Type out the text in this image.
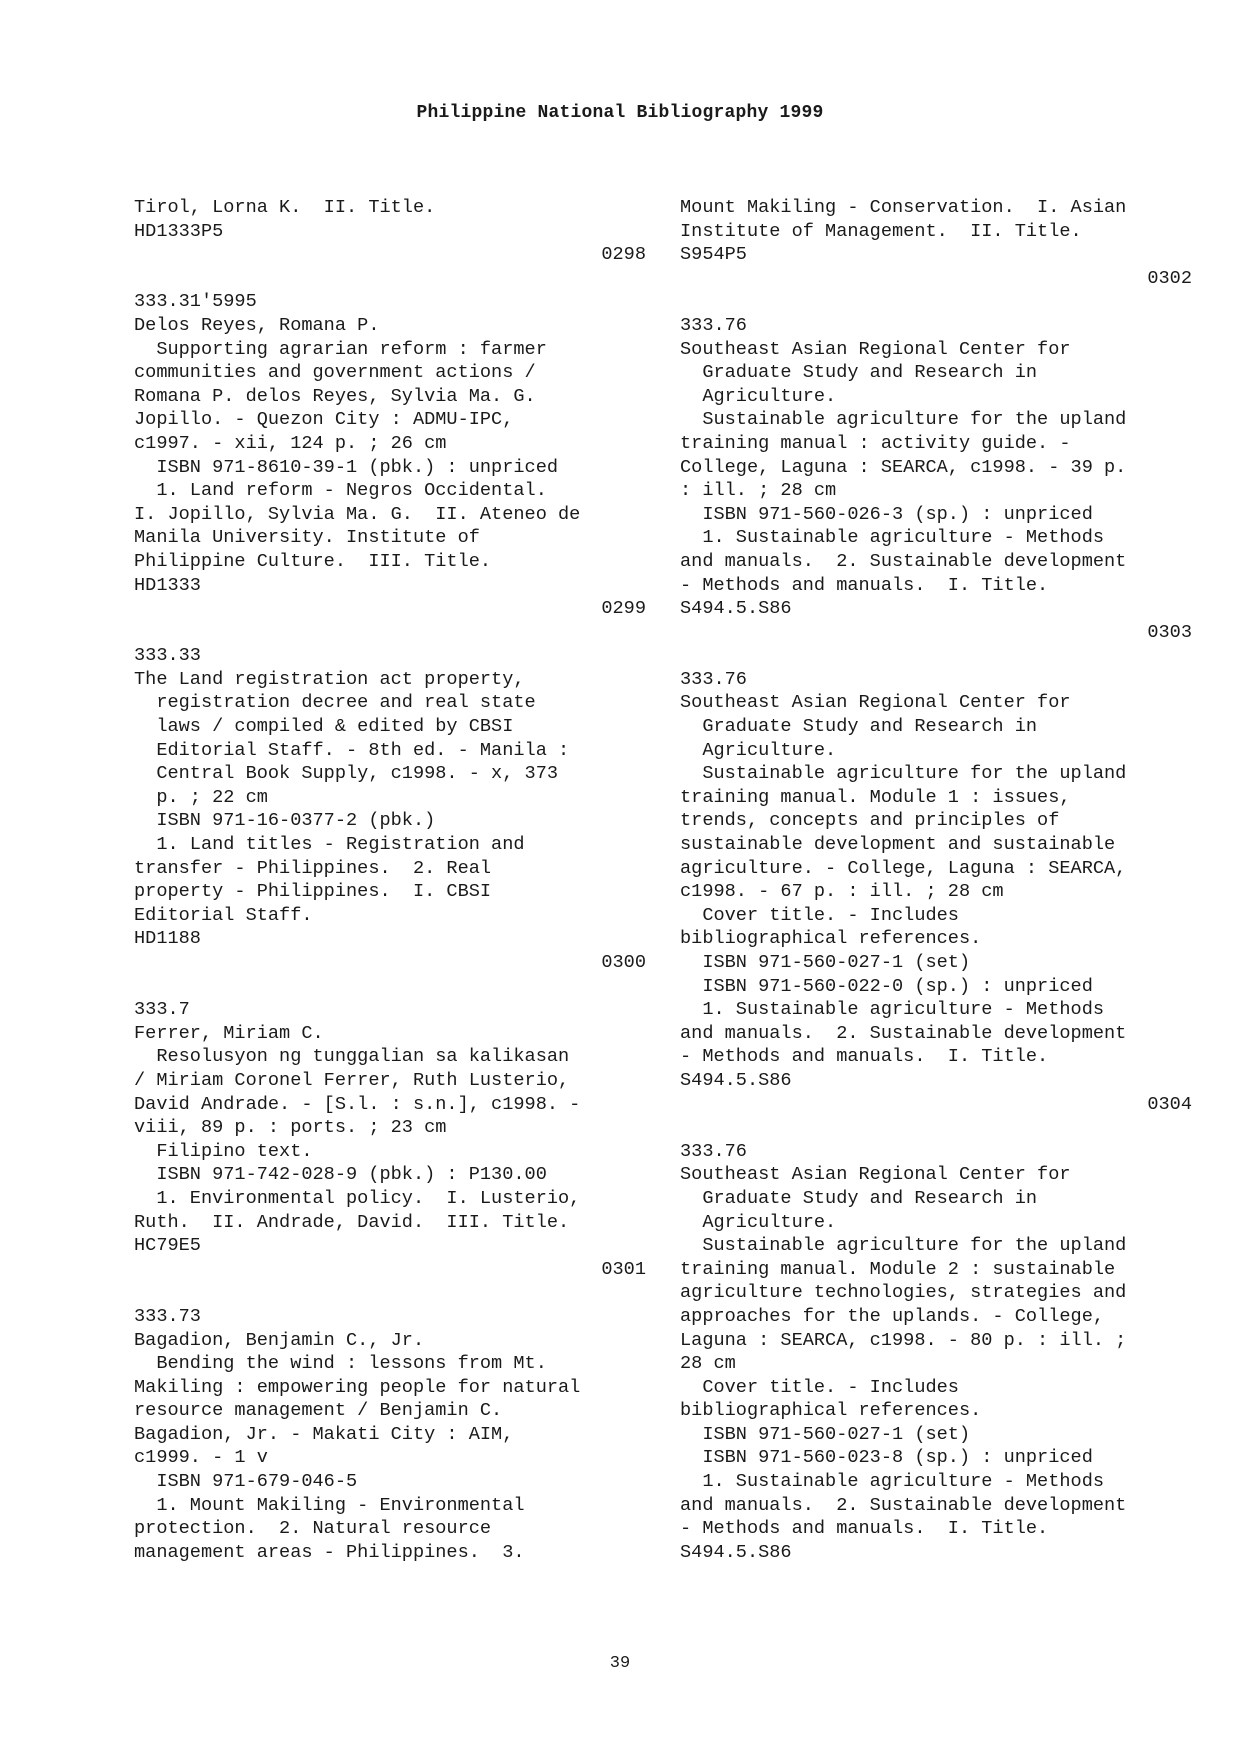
Philippine National Bibliography 1999
Tirol, Lorna K.  II. Title.
HD1333P5
0298
333.31'5995
Delos Reyes, Romana P.
Supporting agrarian reform : farmer
communities and government actions /
Romana P. delos Reyes, Sylvia Ma. G.
Jopillo. - Quezon City : ADMU-IPC,
c1997. - xii, 124 p. ; 26 cm
ISBN 971-8610-39-1 (pbk.) : unpriced
1. Land reform - Negros Occidental.
I. Jopillo, Sylvia Ma. G.  II. Ateneo de
Manila University. Institute of
Philippine Culture.  III. Title.
HD1333
0299
333.33
The Land registration act property,
registration decree and real state
laws / compiled & edited by CBSI
Editorial Staff. - 8th ed. - Manila :
Central Book Supply, c1998. - x, 373
p. ; 22 cm
ISBN 971-16-0377-2 (pbk.)
1. Land titles - Registration and
transfer - Philippines.  2. Real
property - Philippines.  I. CBSI
Editorial Staff.
HD1188
0300
333.7
Ferrer, Miriam C.
Resolusyon ng tunggalian sa kalikasan
/ Miriam Coronel Ferrer, Ruth Lusterio,
David Andrade. - [S.l. : s.n.], c1998. -
viii, 89 p. : ports. ; 23 cm
Filipino text.
ISBN 971-742-028-9 (pbk.) : P130.00
1. Environmental policy.  I. Lusterio,
Ruth.  II. Andrade, David.  III. Title.
HC79E5
0301
333.73
Bagadion, Benjamin C., Jr.
Bending the wind : lessons from Mt.
Makiling : empowering people for natural
resource management / Benjamin C.
Bagadion, Jr. - Makati City : AIM,
c1999. - 1 v
ISBN 971-679-046-5
1. Mount Makiling - Environmental
protection.  2. Natural resource
management areas - Philippines.  3.
Mount Makiling - Conservation.  I. Asian
Institute of Management.  II. Title.
S954P5
0302
333.76
Southeast Asian Regional Center for
Graduate Study and Research in
Agriculture.
Sustainable agriculture for the upland
training manual : activity guide. -
College, Laguna : SEARCA, c1998. - 39 p.
: ill. ; 28 cm
ISBN 971-560-026-3 (sp.) : unpriced
1. Sustainable agriculture - Methods
and manuals.  2. Sustainable development
- Methods and manuals.  I. Title.
S494.5.S86
0303
333.76
Southeast Asian Regional Center for
Graduate Study and Research in
Agriculture.
Sustainable agriculture for the upland
training manual. Module 1 : issues,
trends, concepts and principles of
sustainable development and sustainable
agriculture. - College, Laguna : SEARCA,
c1998. - 67 p. : ill. ; 28 cm
Cover title. - Includes
bibliographical references.
ISBN 971-560-027-1 (set)
ISBN 971-560-022-0 (sp.) : unpriced
1. Sustainable agriculture - Methods
and manuals.  2. Sustainable development
- Methods and manuals.  I. Title.
S494.5.S86
0304
333.76
Southeast Asian Regional Center for
Graduate Study and Research in
Agriculture.
Sustainable agriculture for the upland
training manual. Module 2 : sustainable
agriculture technologies, strategies and
approaches for the uplands. - College,
Laguna : SEARCA, c1998. - 80 p. : ill. ;
28 cm
Cover title. - Includes
bibliographical references.
ISBN 971-560-027-1 (set)
ISBN 971-560-023-8 (sp.) : unpriced
1. Sustainable agriculture - Methods
and manuals.  2. Sustainable development
- Methods and manuals.  I. Title.
S494.5.S86
39
